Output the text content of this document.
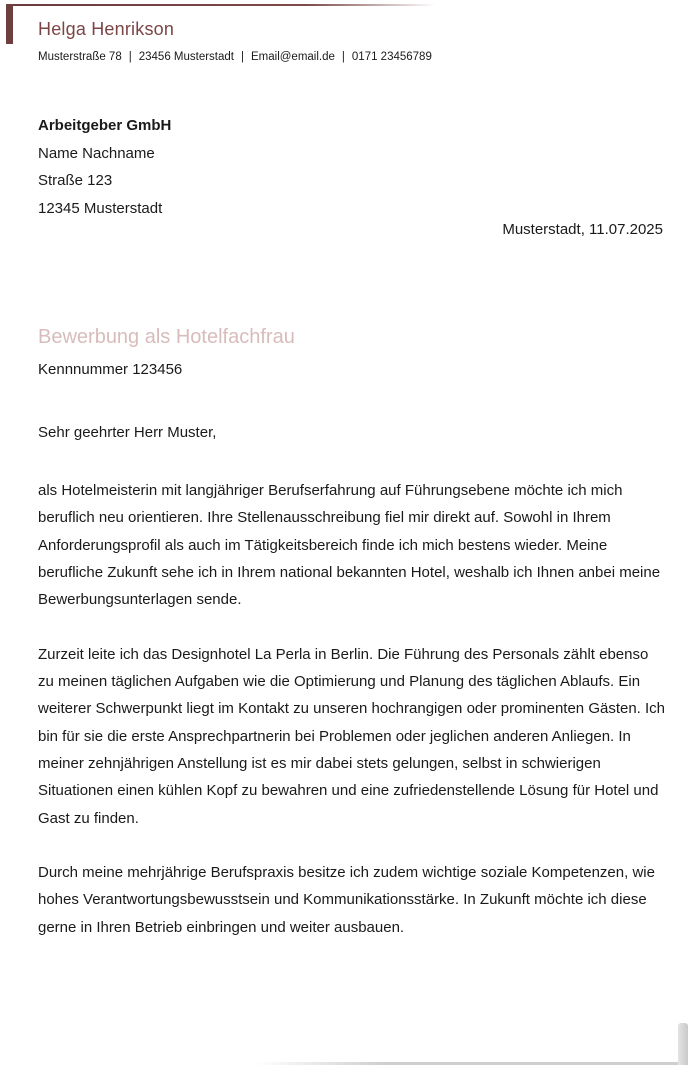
Helga Henrikson
Musterstraße 78 | 23456 Musterstadt | Email@email.de | 0171 23456789
Arbeitgeber GmbH
Name Nachname
Straße 123
12345 Musterstadt
Musterstadt, 11.07.2025
Bewerbung als Hotelfachfrau
Kennnummer 123456
Sehr geehrter Herr Muster,

als Hotelmeisterin mit langjähriger Berufserfahrung auf Führungsebene möchte ich mich beruflich neu orientieren. Ihre Stellenausschreibung fiel mir direkt auf. Sowohl in Ihrem Anforderungsprofil als auch im Tätigkeitsbereich finde ich mich bestens wieder. Meine berufliche Zukunft sehe ich in Ihrem national bekannten Hotel, weshalb ich Ihnen anbei meine Bewerbungsunterlagen sende.

Zurzeit leite ich das Designhotel La Perla in Berlin. Die Führung des Personals zählt ebenso zu meinen täglichen Aufgaben wie die Optimierung und Planung des täglichen Ablaufs. Ein weiterer Schwerpunkt liegt im Kontakt zu unseren hochrangigen oder prominenten Gästen. Ich bin für sie die erste Ansprechpartnerin bei Problemen oder jeglichen anderen Anliegen. In meiner zehnjährigen Anstellung ist es mir dabei stets gelungen, selbst in schwierigen Situationen einen kühlen Kopf zu bewahren und eine zufriedenstellende Lösung für Hotel und Gast zu finden.

Durch meine mehrjährige Berufspraxis besitze ich zudem wichtige soziale Kompetenzen, wie hohes Verantwortungsbewusstsein und Kommunikationsstärke. In Zukunft möchte ich diese gerne in Ihren Betrieb einbringen und weiter ausbauen.
